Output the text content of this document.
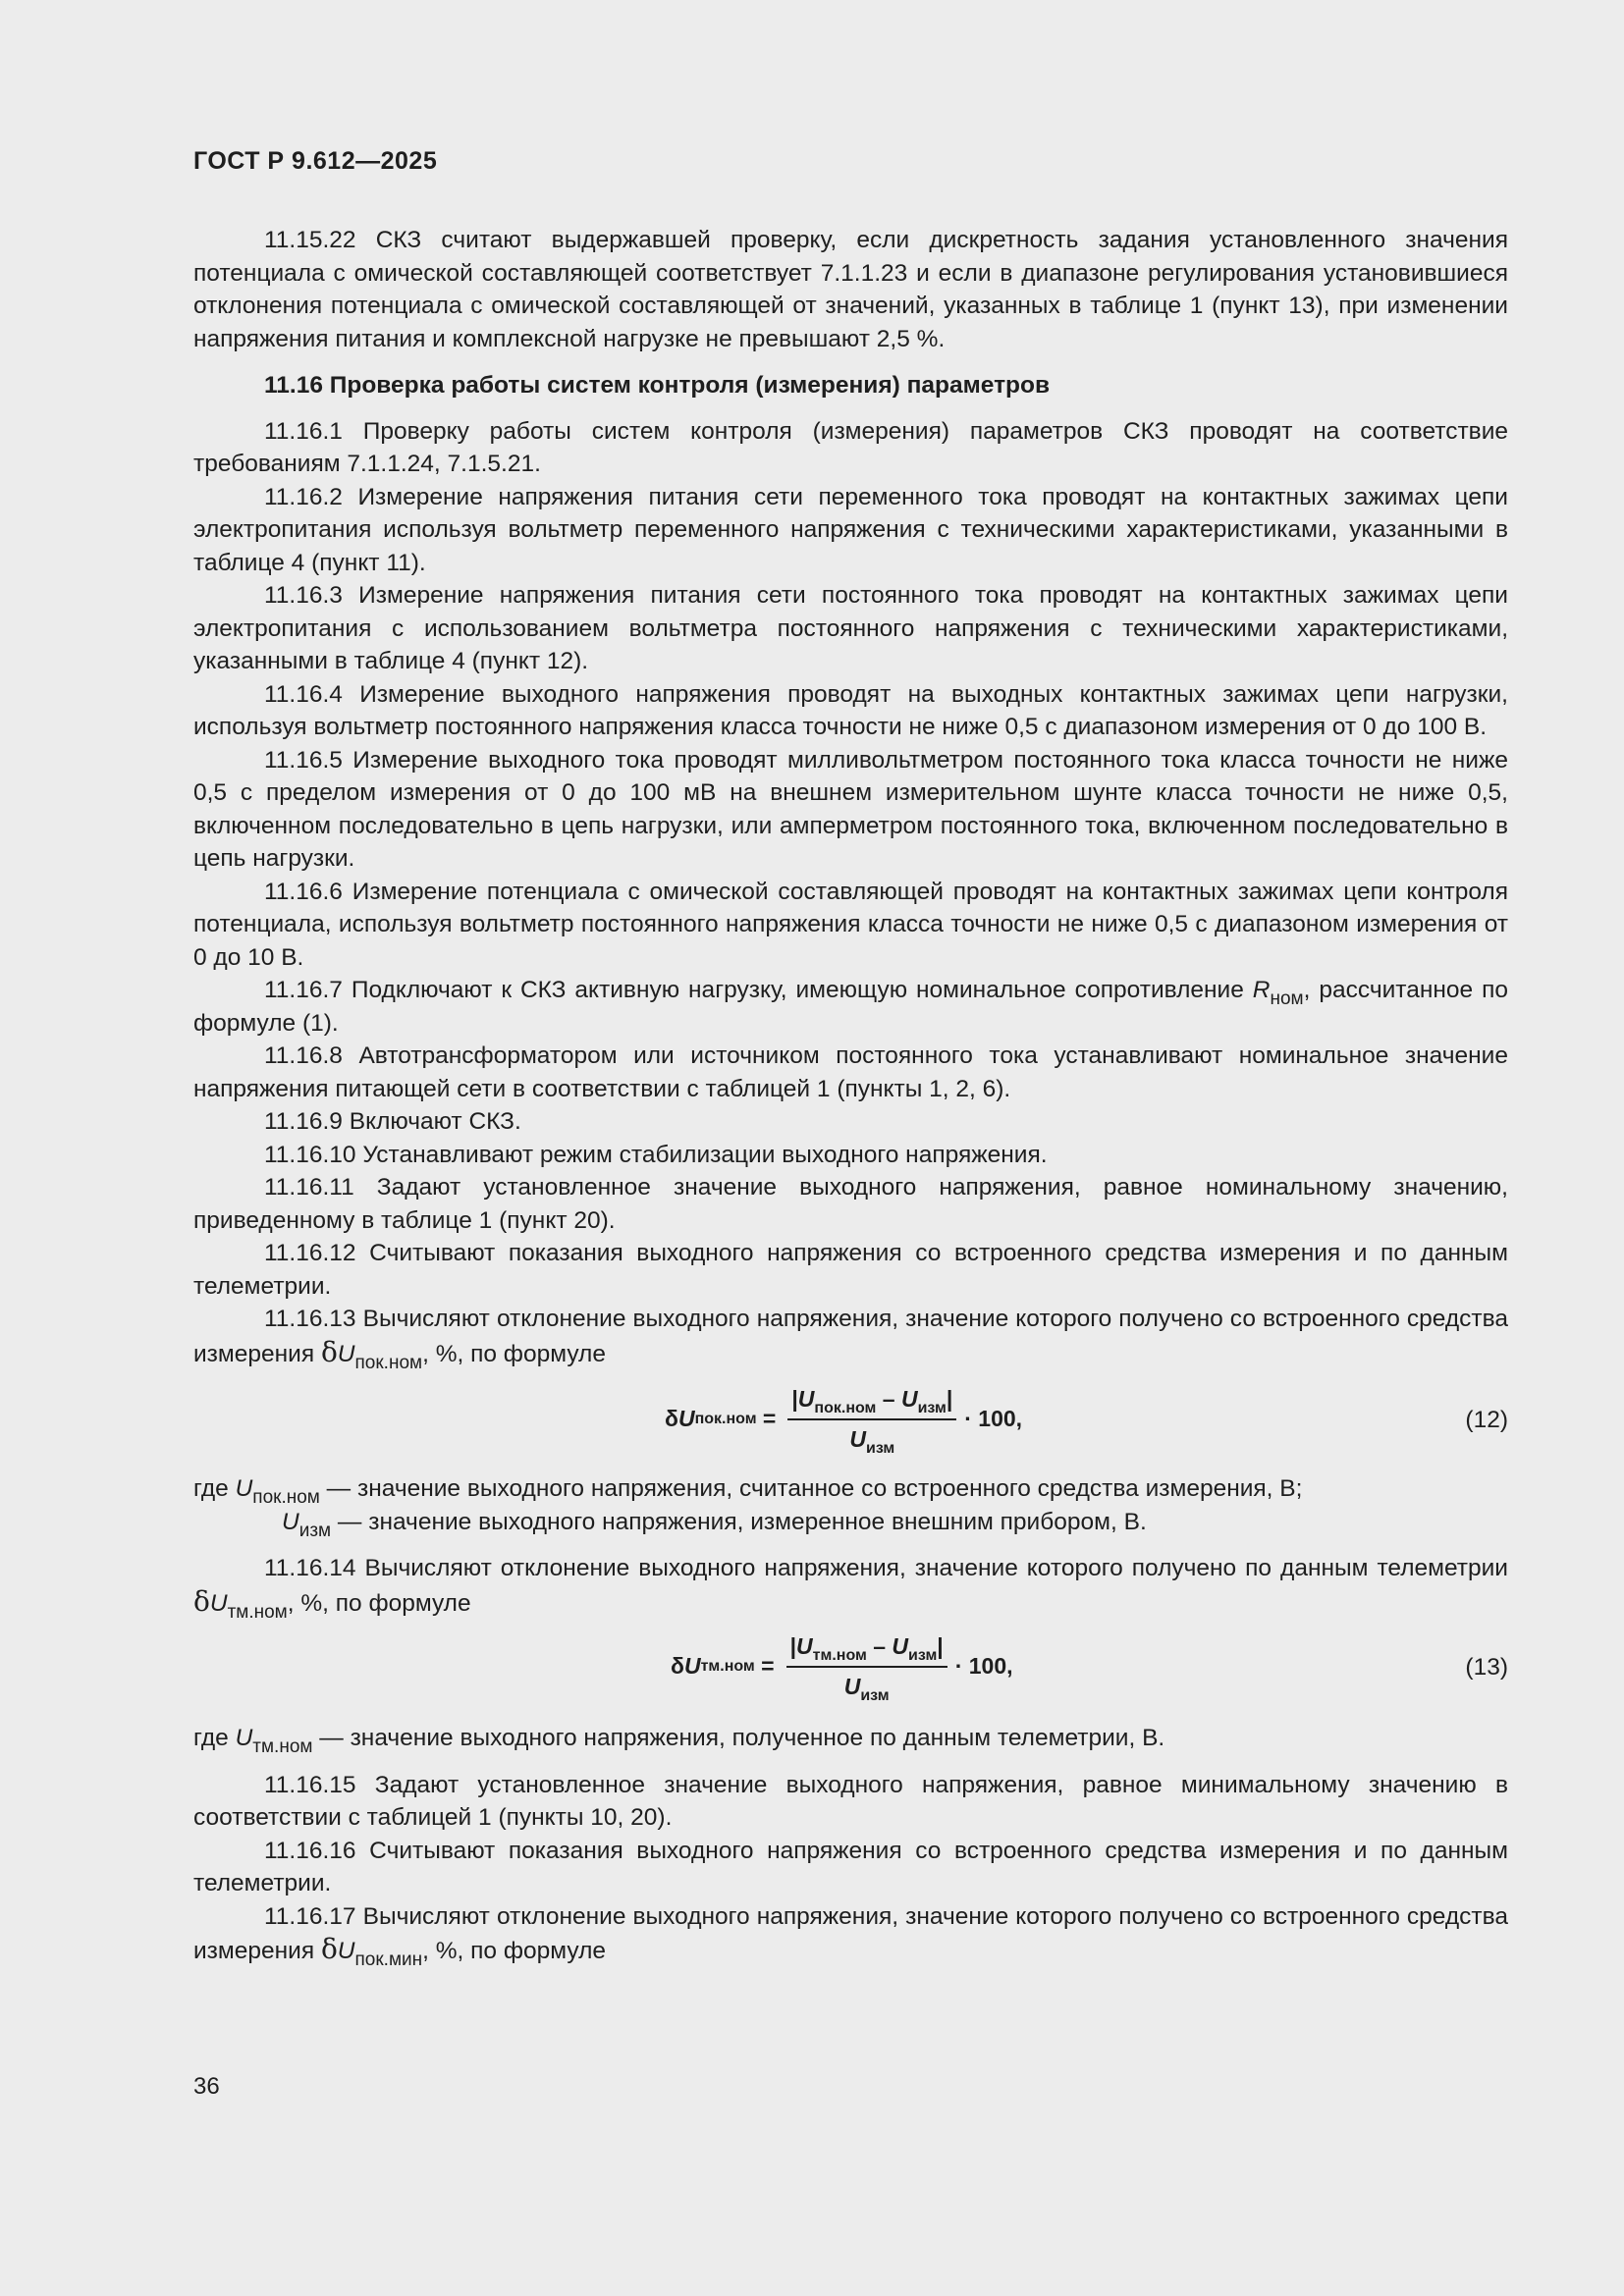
ГОСТ Р 9.612—2025

11.15.22 СКЗ считают выдержавшей проверку, если дискретность задания установленного значения потенциала с омической составляющей соответствует 7.1.1.23 и если в диапазоне регулирования установившиеся отклонения потенциала с омической составляющей от значений, указанных в таблице 1 (пункт 13), при изменении напряжения питания и комплексной нагрузке не превышают 2,5 %.

11.16 Проверка работы систем контроля (измерения) параметров

11.16.1 Проверку работы систем контроля (измерения) параметров СКЗ проводят на соответствие требованиям 7.1.1.24, 7.1.5.21.

11.16.2 Измерение напряжения питания сети переменного тока проводят на контактных зажимах цепи электропитания используя вольтметр переменного напряжения с техническими характеристиками, указанными в таблице 4 (пункт 11).

11.16.3 Измерение напряжения питания сети постоянного тока проводят на контактных зажимах цепи электропитания с использованием вольтметра постоянного напряжения с техническими характеристиками, указанными в таблице 4 (пункт 12).

11.16.4 Измерение выходного напряжения проводят на выходных контактных зажимах цепи нагрузки, используя вольтметр постоянного напряжения класса точности не ниже 0,5 с диапазоном измерения от 0 до 100 В.

11.16.5 Измерение выходного тока проводят милливольтметром постоянного тока класса точности не ниже 0,5 с пределом измерения от 0 до 100 мВ на внешнем измерительном шунте класса точности не ниже 0,5, включенном последовательно в цепь нагрузки, или амперметром постоянного тока, включенном последовательно в цепь нагрузки.

11.16.6 Измерение потенциала с омической составляющей проводят на контактных зажимах цепи контроля потенциала, используя вольтметр постоянного напряжения класса точности не ниже 0,5 с диапазоном измерения от 0 до 10 В.

11.16.7 Подключают к СКЗ активную нагрузку, имеющую номинальное сопротивление $R_{ном}$, рассчитанное по формуле (1).

11.16.8 Автотрансформатором или источником постоянного тока устанавливают номинальное значение напряжения питающей сети в соответствии с таблицей 1 (пункты 1, 2, 6).

11.16.9 Включают СКЗ.

11.16.10 Устанавливают режим стабилизации выходного напряжения.

11.16.11 Задают установленное значение выходного напряжения, равное номинальному значению, приведенному в таблице 1 (пункт 20).

11.16.12 Считывают показания выходного напряжения со встроенного средства измерения и по данным телеметрии.

11.16.13 Вычисляют отклонение выходного напряжения, значение которого получено со встроенного средства измерения $\delta U_{пок.ном}$, %, по формуле

δ U пок.ном
= $\frac{|U_{пок.ном} - U_{изм}|}{U_{изм}} \cdot 100$,	(12)

где $U_{пок.ном}$ — значение выходного напряжения, считанное со встроенного средства измерения, В;

$U_{изм}$ — значение выходного напряжения, измеренное внешним прибором, В.

11.16.14 Вычисляют отклонение выходного напряжения, значение которого получено по данным телеметрии $\delta U_{тм.ном}$, %, по формуле

δ U тм.ном
= $\frac{|U_{тм.ном} - U_{изм}|}{U_{изм}} \cdot 100$,	(13)

где $U_{тм.ном}$ — значение выходного напряжения, полученное по данным телеметрии, В.

11.16.15 Задают установленное значение выходного напряжения, равное минимальному значению в соответствии с таблицей 1 (пункты 10, 20).

11.16.16 Считывают показания выходного напряжения со встроенного средства измерения и по данным телеметрии.

11.16.17 Вычисляют отклонение выходного напряжения, значение которого получено со встроенного средства измерения $\delta U_{пок.мин}$, %, по формуле

36
